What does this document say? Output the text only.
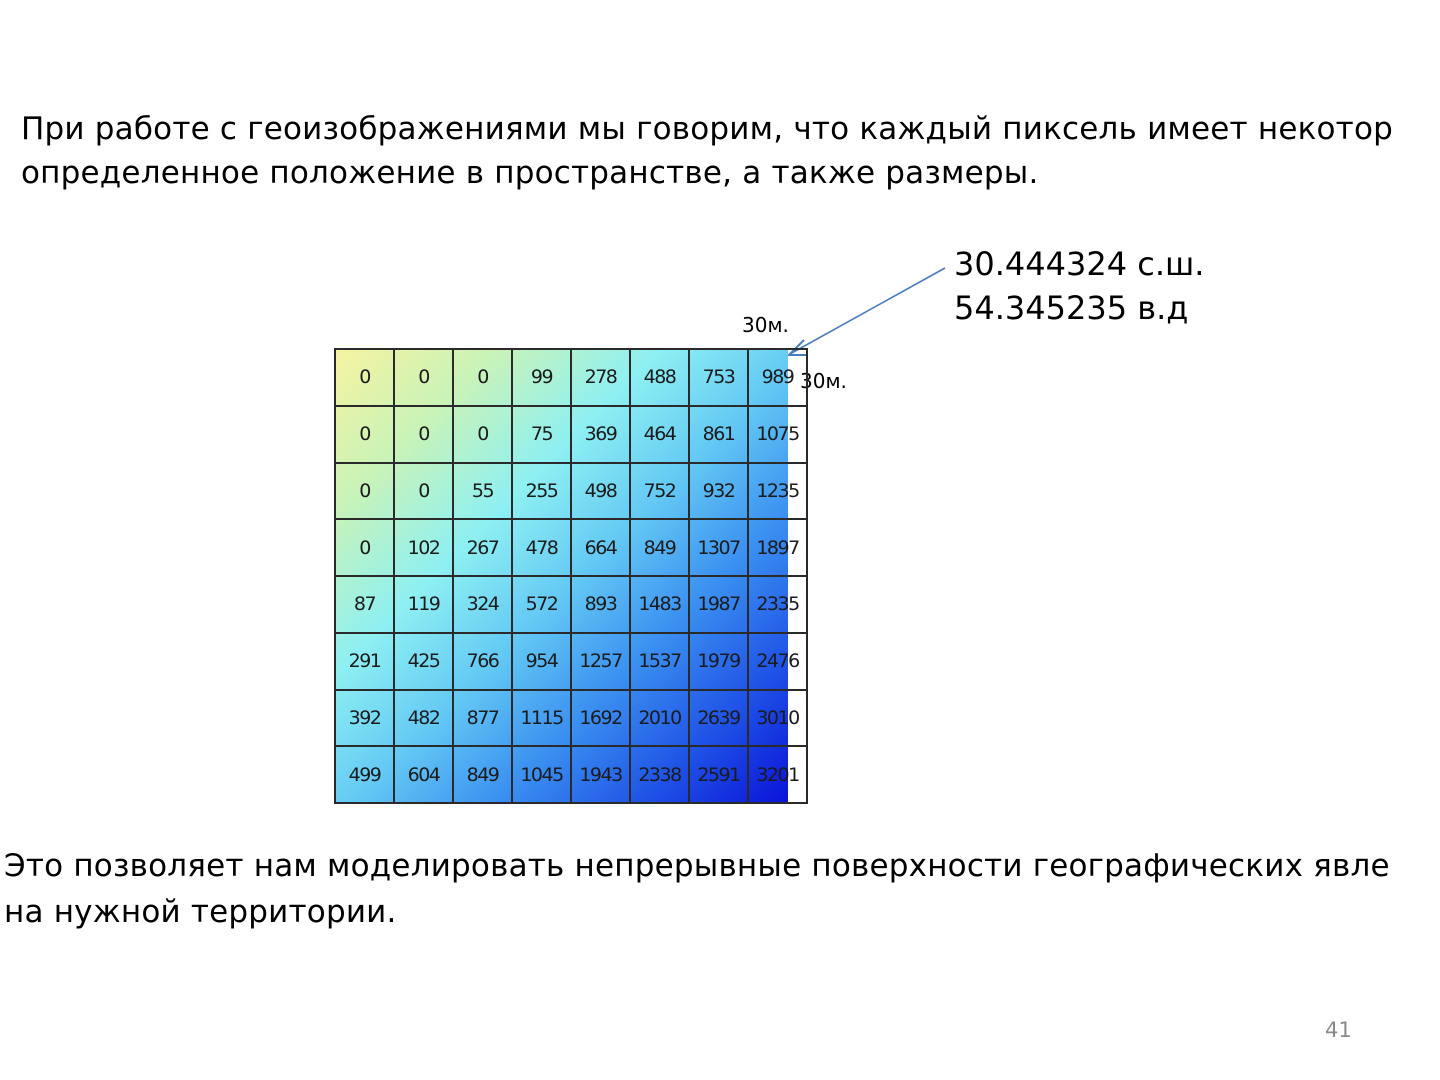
При работе с геоизображениями мы говорим, что каждый пиксель имеет некотор
определенное положение в пространстве, а также размеры.
30.444324 с.ш.
54.345235 в.д
30м.
30м.
0	0	0	99	278	488	753	989
0	0	0	75	369	464	861	1075
0	0	55	255	498	752	932	1235
0	102	267	478	664	849	1307	1897
87	119	324	572	893	1483	1987	2335
291	425	766	954	1257	1537	1979	2476
392	482	877	1115	1692	2010	2639	3010
499	604	849	1045	1943	2338	2591	3201
Это позволяет нам моделировать непрерывные поверхности географических явле
на нужной территории.
41
